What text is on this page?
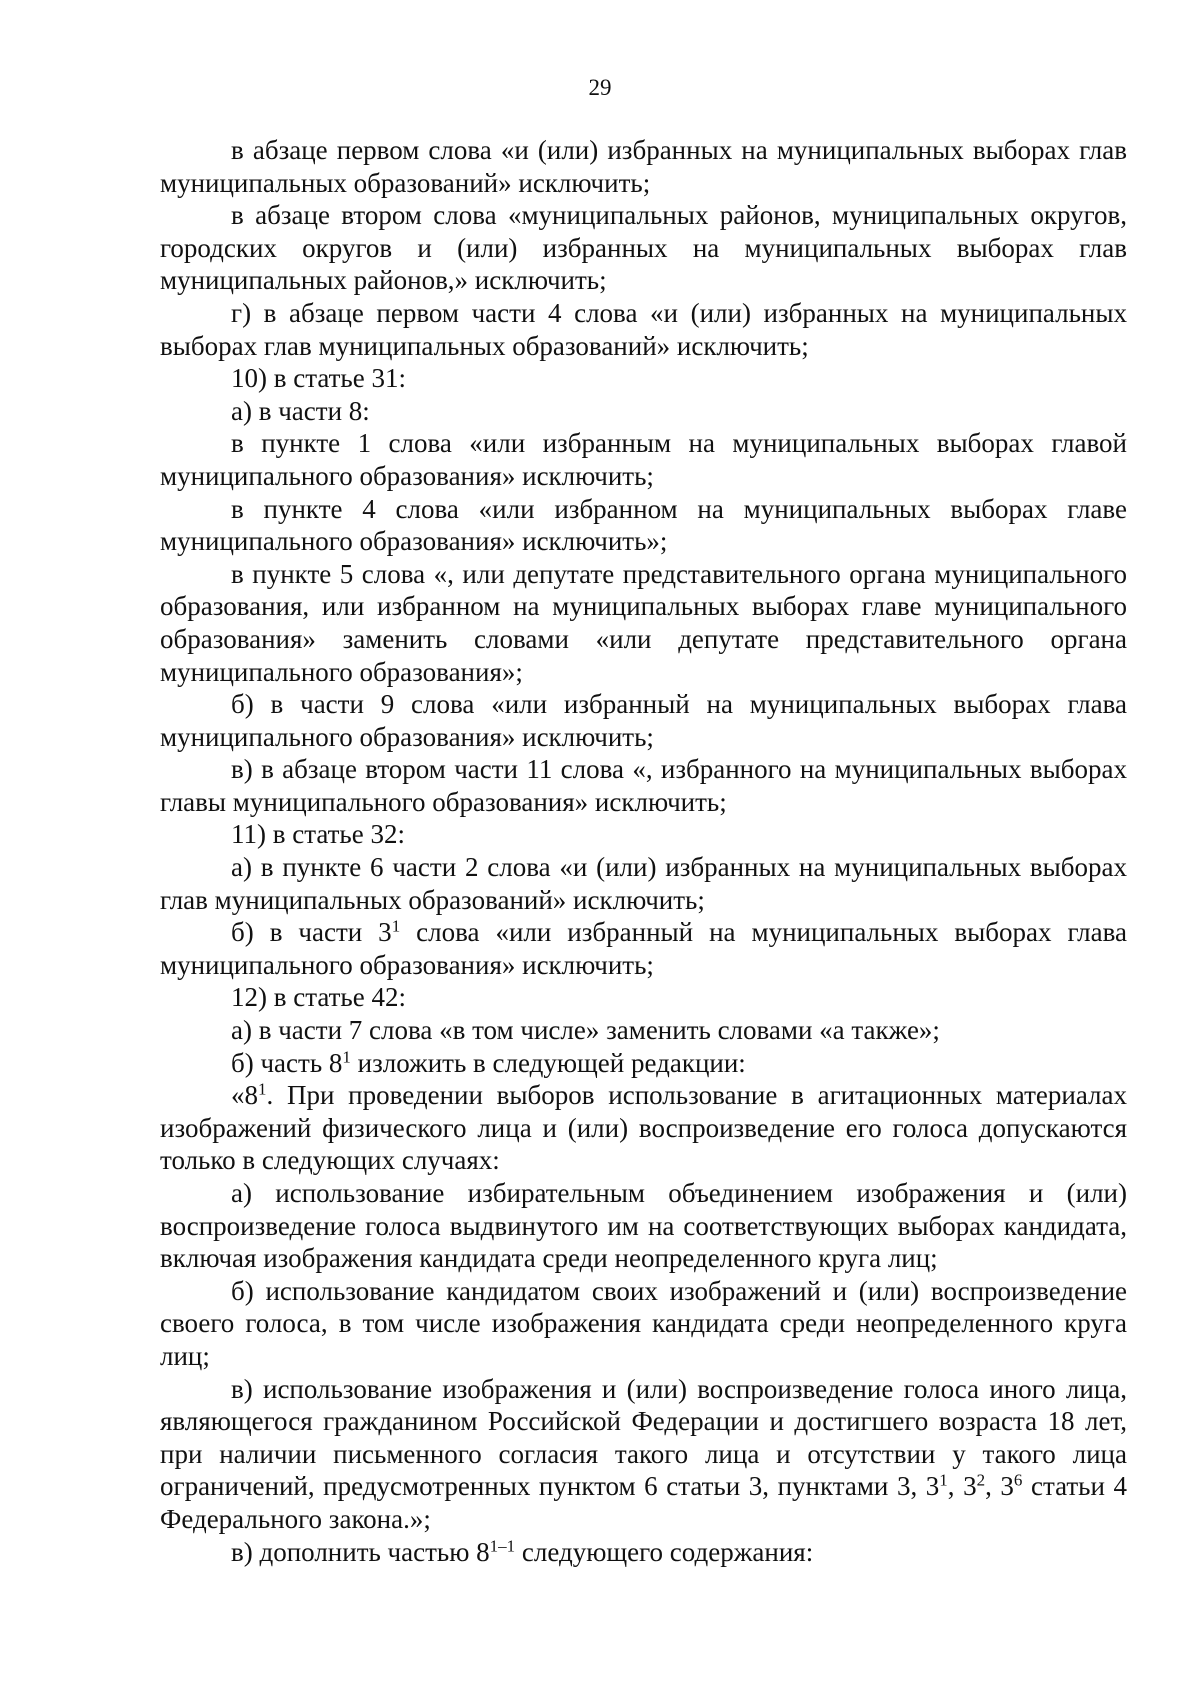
29

в абзаце первом слова «и (или) избранных на муниципальных выборах глав муниципальных образований» исключить;

в абзаце втором слова «муниципальных районов, муниципальных округов, городских округов и (или) избранных на муниципальных выборах глав муниципальных районов,» исключить;

г) в абзаце первом части 4 слова «и (или) избранных на муниципальных выборах глав муниципальных образований» исключить;

10) в статье 31:

а) в части 8:

в пункте 1 слова «или избранным на муниципальных выборах главой муниципального образования» исключить;

в пункте 4 слова «или избранном на муниципальных выборах главе муниципального образования» исключить»;

в пункте 5 слова «, или депутате представительного органа муниципального образования, или избранном на муниципальных выборах главе муниципального образования» заменить словами «или депутате представительного органа муниципального образования»;

б) в части 9 слова «или избранный на муниципальных выборах глава муниципального образования» исключить;

в) в абзаце втором части 11 слова «, избранного на муниципальных выборах главы муниципального образования» исключить;

11) в статье 32:

а) в пункте 6 части 2 слова «и (или) избранных на муниципальных выборах глав муниципальных образований» исключить;

б) в части $3^1$ слова «или избранный на муниципальных выборах глава муниципального образования» исключить;

12) в статье 42:

а) в части 7 слова «в том числе» заменить словами «а также»;

б) часть $8^1$ изложить в следующей редакции:

«$8^1$. При проведении выборов использование в агитационных материалах изображений физического лица и (или) воспроизведение его голоса допускаются только в следующих случаях:

а) использование избирательным объединением изображения и (или) воспроизведение голоса выдвинутого им на соответствующих выборах кандидата, включая изображения кандидата среди неопределенного круга лиц;

б) использование кандидатом своих изображений и (или) воспроизведение своего голоса, в том числе изображения кандидата среди неопределенного круга лиц;

в) использование изображения и (или) воспроизведение голоса иного лица, являющегося гражданином Российской Федерации и достигшего возраста 18 лет, при наличии письменного согласия такого лица и отсутствии у такого лица ограничений, предусмотренных пунктом 6 статьи 3, пунктами 3, $3^1$, $3^2$, $3^6$ статьи 4 Федерального закона.»;

в) дополнить частью 8$^{1-1}$ следующего содержания:
